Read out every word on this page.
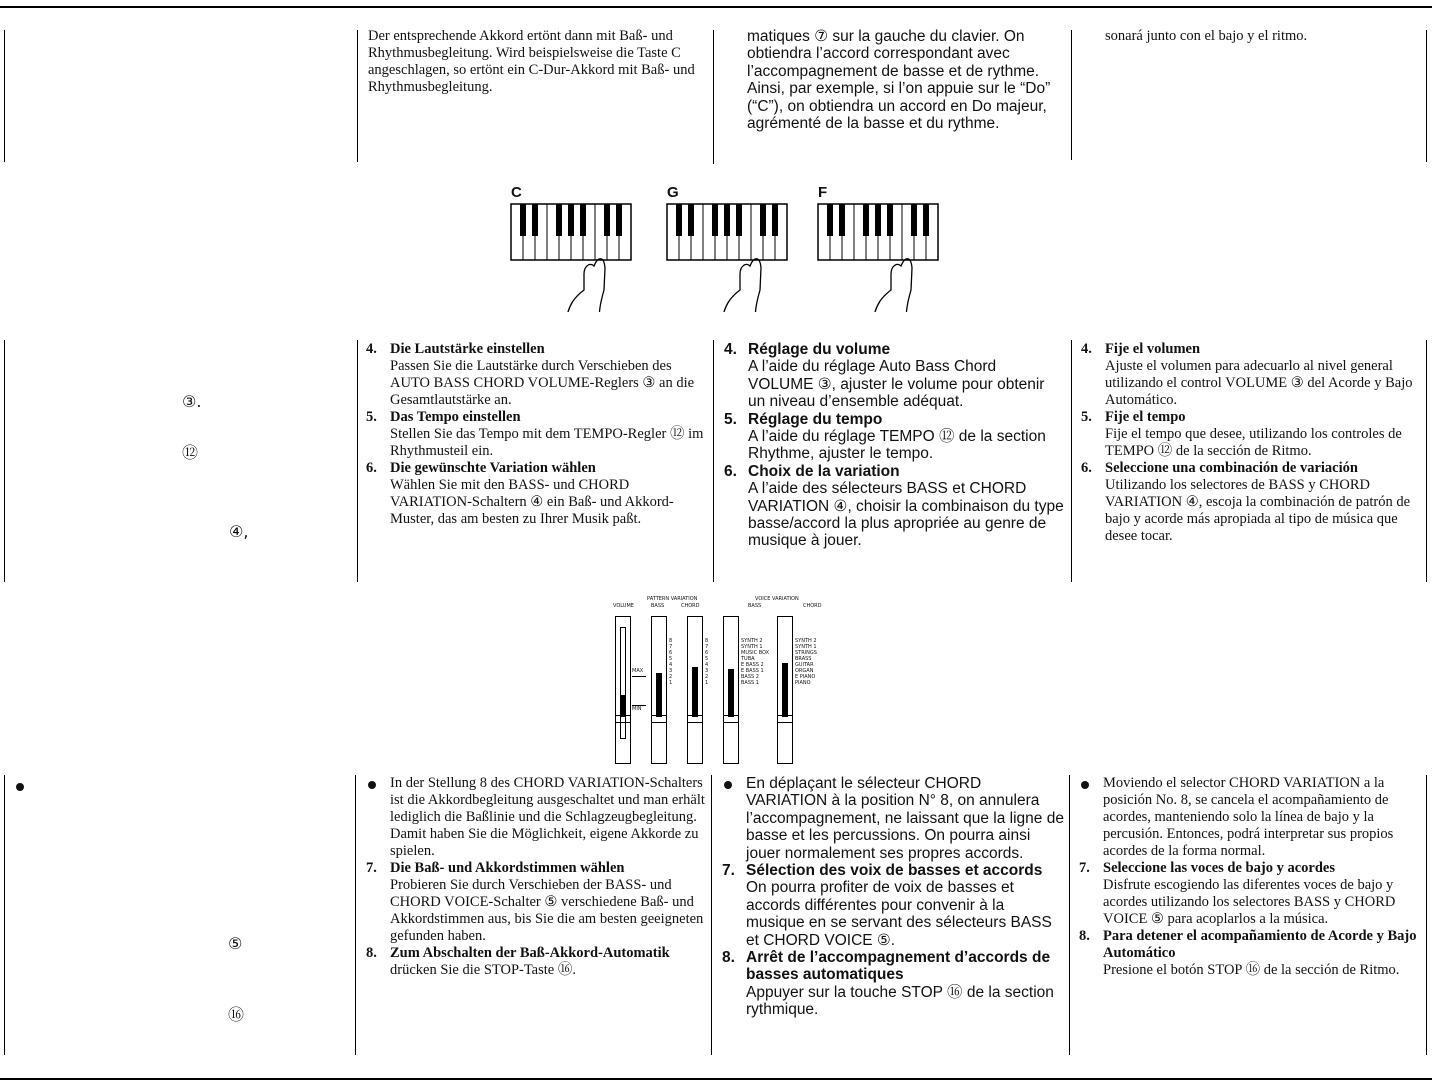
Der entsprechende Akkord ertönt dann mit Baß- und Rhythmusbegleitung. Wird beispielsweise die Taste C angeschlagen, so ertönt ein C-Dur-Akkord mit Baß- und Rhythmusbegleitung.
matiques ⑦ sur la gauche du clavier. On obtiendra l’accord correspondant avec l’accompagnement de basse et de rythme. Ainsi, par exemple, si l’on appuie sur le “Do” (“C”), on obtiendra un accord en Do majeur, agrémenté de la basse et du rythme.
sonará junto con el bajo y el ritmo.
C	G	F
③.
⑫
④,
4. Die Lautstärke einstellen
Passen Sie die Lautstärke durch Verschieben des AUTO BASS CHORD VOLUME-Reglers ③ an die Gesamtlautstärke an.
5. Das Tempo einstellen
Stellen Sie das Tempo mit dem TEMPO-Regler ⑫ im Rhythmusteil ein.
6. Die gewünschte Variation wählen
Wählen Sie mit den BASS- und CHORD VARIATION-Schaltern ④ ein Baß- und Akkord-Muster, das am besten zu Ihrer Musik paßt.
4. Réglage du volume
A l’aide du réglage Auto Bass Chord VOLUME ③, ajuster le volume pour obtenir un niveau d’ensemble adéquat.
5. Réglage du tempo
A l’aide du réglage TEMPO ⑫ de la section Rhythme, ajuster le tempo.
6. Choix de la variation
A l’aide des sélecteurs BASS et CHORD VARIATION ④, choisir la combinaison du type basse/accord la plus apropriée au genre de musique à jouer.
4. Fije el volumen
Ajuste el volumen para adecuarlo al nivel general utilizando el control VOLUME ③ del Acorde y Bajo Automático.
5. Fije el tempo
Fije el tempo que desee, utilizando los controles de TEMPO ⑫ de la sección de Ritmo.
6. Seleccione una combinación de variación
Utilizando los selectores de BASS y CHORD VARIATION ④, escoja la combinación de patrón de bajo y acorde más apropiada al tipo de música que desee tocar.
PATTERN VARIATION	VOICE VARIATION
VOLUME	BASS	CHORD	BASS	CHORD
MAX
MIN
8
7
6
5
4
3
2
1
8
7
6
5
4
3
2
1
SYNTH 2
SYNTH 1
MUSIC BOX
TUBA
E BASS 2
E BASS 1
BASS 2
BASS 1
SYNTH 2
SYNTH 1
STRINGS
BRASS
GUITAR
ORGAN
E PIANO
PIANO
⑤
⑯
In der Stellung 8 des CHORD VARIATION-Schalters ist die Akkordbegleitung ausgeschaltet und man erhält lediglich die Baßlinie und die Schlagzeugbegleitung. Damit haben Sie die Möglichkeit, eigene Akkorde zu spielen.
7. Die Baß- und Akkordstimmen wählen
Probieren Sie durch Verschieben der BASS- und CHORD VOICE-Schalter ⑤ verschiedene Baß- und Akkordstimmen aus, bis Sie die am besten geeigneten gefunden haben.
8. Zum Abschalten der Baß-Akkord-Automatik
drücken Sie die STOP-Taste ⑯.
En déplaçant le sélecteur CHORD VARIATION à la position N° 8, on annulera l’accompagnement, ne laissant que la ligne de basse et les percussions. On pourra ainsi jouer normalement ses propres accords.
7. Sélection des voix de basses et accords
On pourra profiter de voix de basses et accords différentes pour convenir à la musique en se servant des sélecteurs BASS et CHORD VOICE ⑤.
8. Arrêt de l’accompagnement d’accords de basses automatiques
Appuyer sur la touche STOP ⑯ de la section rythmique.
Moviendo el selector CHORD VARIATION a la posición No. 8, se cancela el acompañamiento de acordes, manteniendo solo la línea de bajo y la percusión. Entonces, podrá interpretar sus propios acordes de la forma normal.
7. Seleccione las voces de bajo y acordes
Disfrute escogiendo las diferentes voces de bajo y acordes utilizando los selectores BASS y CHORD VOICE ⑤ para acoplarlos a la música.
8. Para detener el acompañamiento de Acorde y Bajo Automático
Presione el botón STOP ⑯ de la sección de Ritmo.
